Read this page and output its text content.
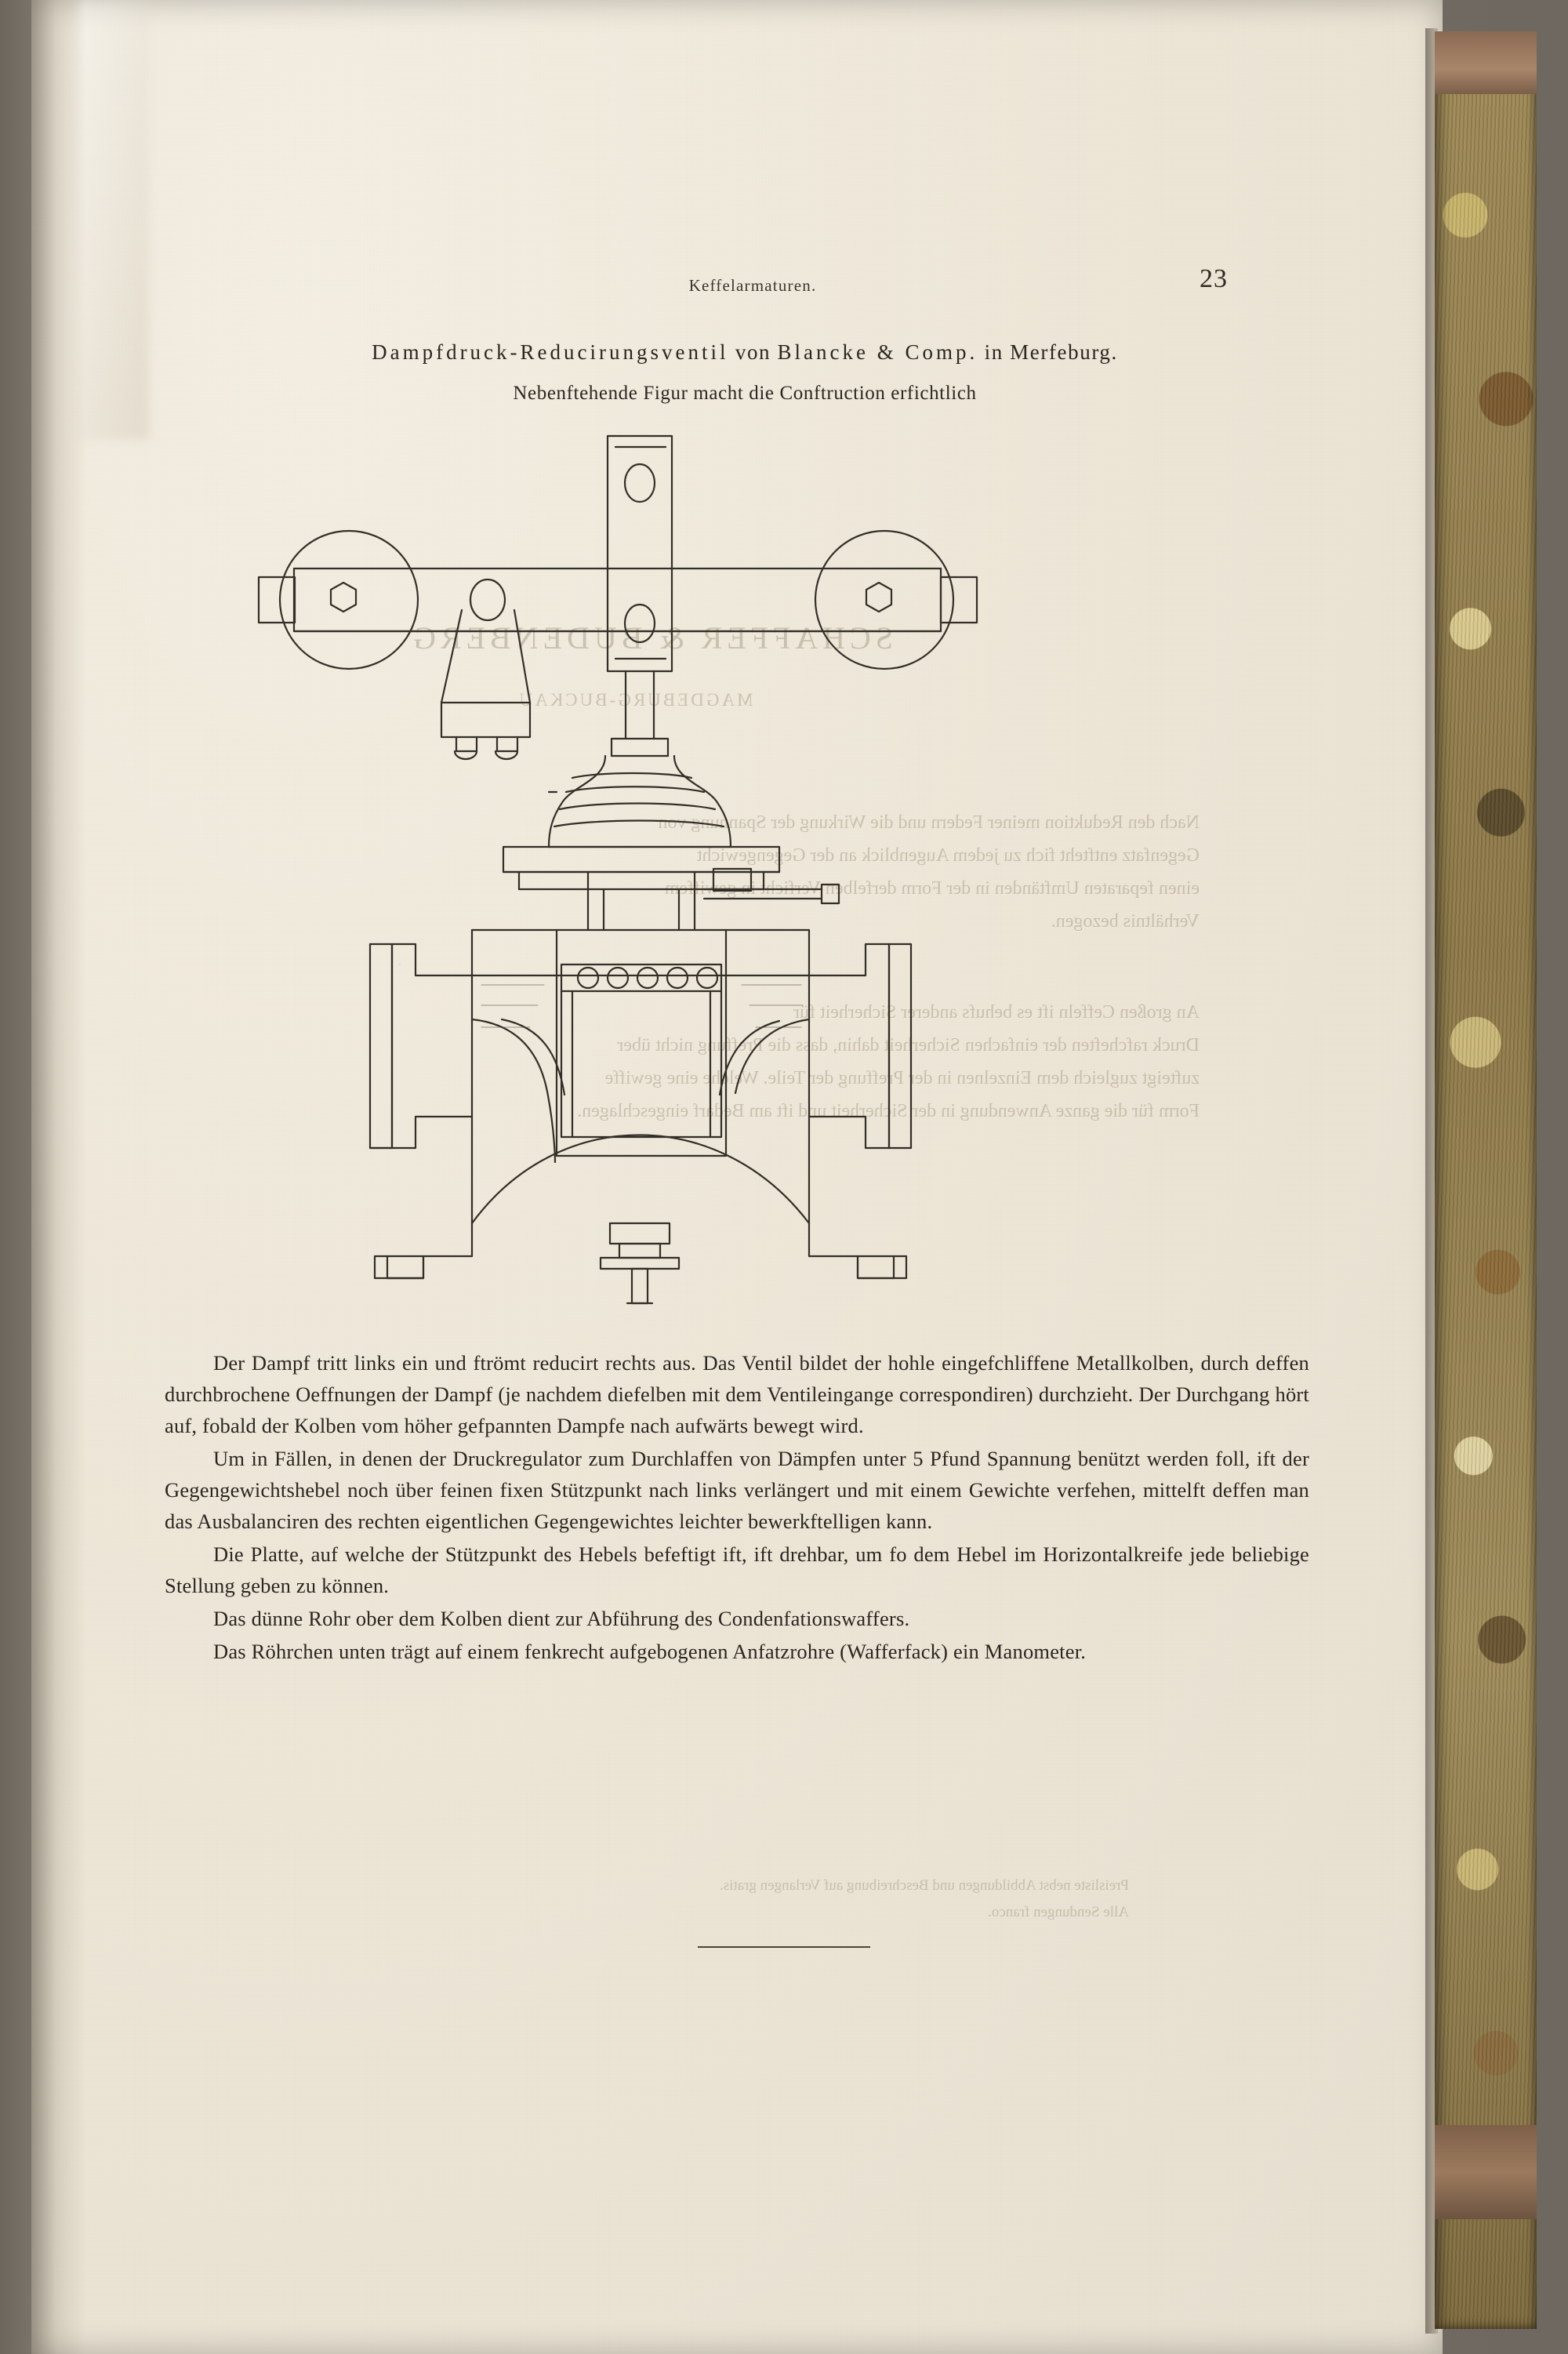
SCHAFFER & BUDENBERG
MAGDEBURG-BUCKAU
Nach den Reduktion meiner Federn und die Wirkung der Spannung von
Gegenfatz entfteht fich zu jedem Augenblick an der Gegengewicht
einen feparaten Umftänden in der Form derfelben Verficht in gewiffem
Verhältnis bezogen.
An großen Ceffeln ift es behufs anderer Sicherheit für
Druck rafcheften der einfachen Sicherheit dahin, dass die Preffung nicht über
zufteigt zugleich dem Einzelnen in der Preffung der Teile. Welche eine gewiffe
Form für die ganze Anwendung in der Sicherheit und ift am Bedarf eingeschlagen.
Preisliste nebst Abbildungen und Beschreibung auf Verlangen gratis.
Alle Sendungen franco.
Keffelarmaturen.	23
Dampfdruck-Reducirungsventil von Blancke & Comp. in Merfeburg.
Nebenftehende Figur macht die Conftruction erfichtlich

Der Dampf tritt links ein und ftrömt reducirt rechts aus. Das Ventil bildet der hohle eingefchliffene Metallkolben, durch deffen durchbrochene Oeffnungen der Dampf (je nachdem diefelben mit dem Ventileingange correspondiren) durchzieht. Der Durchgang hört auf, fobald der Kolben vom höher gefpannten Dampfe nach aufwärts bewegt wird.

Um in Fällen, in denen der Druckregulator zum Durchlaffen von Dämpfen unter 5 Pfund Spannung benützt werden foll, ift der Gegengewichtshebel noch über feinen fixen Stützpunkt nach links verlängert und mit einem Gewichte verfehen, mittelft deffen man das Ausbalanciren des rechten eigentlichen Gegengewichtes leichter bewerkftelligen kann.

Die Platte, auf welche der Stützpunkt des Hebels befeftigt ift, ift drehbar, um fo dem Hebel im Horizontalkreife jede beliebige Stellung geben zu können.

Das dünne Rohr ober dem Kolben dient zur Abführung des Condenfationswaffers.

Das Röhrchen unten trägt auf einem fenkrecht aufgebogenen Anfatzrohre (Wafferfack) ein Manometer.
